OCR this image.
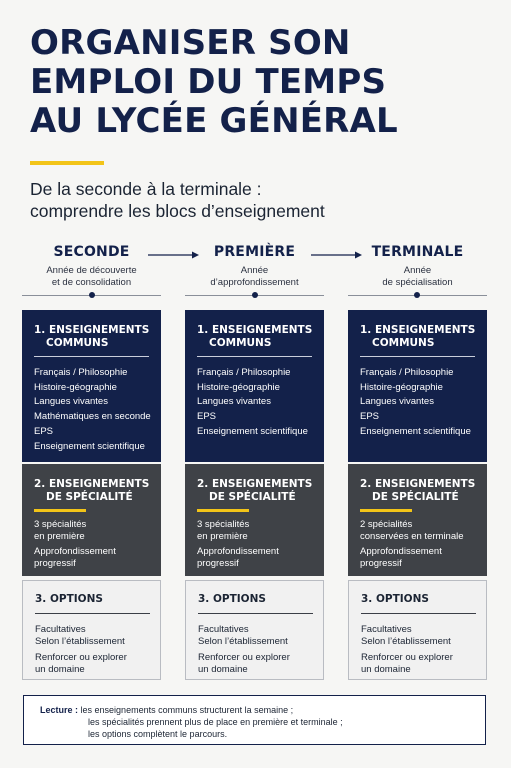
ORGANISER SON
EMPLOI DU TEMPS
AU LYCÉE GÉNÉRAL
De la seconde à la terminale :
comprendre les blocs d’enseignement
SECONDE
Année de découverte
et de consolidation
PREMIÈRE
Année
d’approfondissement
TERMINALE
Année
de spécialisation
1. ENSEIGNEMENTS
COMMUNS
Français / Philosophie
Histoire-géographie
Langues vivantes
Mathématiques en seconde
EPS
Enseignement scientifique
2. ENSEIGNEMENTS
DE SPÉCIALITÉ
3 spécialités
en première
Approfondissement
progressif
3. OPTIONS
Facultatives
Selon l’établissement
Renforcer ou explorer
un domaine
1. ENSEIGNEMENTS
COMMUNS
Français / Philosophie
Histoire-géographie
Langues vivantes
EPS
Enseignement scientifique
2. ENSEIGNEMENTS
DE SPÉCIALITÉ
3 spécialités
en première
Approfondissement
progressif
3. OPTIONS
Facultatives
Selon l’établissement
Renforcer ou explorer
un domaine
1. ENSEIGNEMENTS
COMMUNS
Français / Philosophie
Histoire-géographie
Langues vivantes
EPS
Enseignement scientifique
2. ENSEIGNEMENTS
DE SPÉCIALITÉ
2 spécialités
conservées en terminale
Approfondissement
progressif
3. OPTIONS
Facultatives
Selon l’établissement
Renforcer ou explorer
un domaine
Lecture : les enseignements communs structurent la semaine ;
les spécialités prennent plus de place en première et terminale ;
les options complètent le parcours.
